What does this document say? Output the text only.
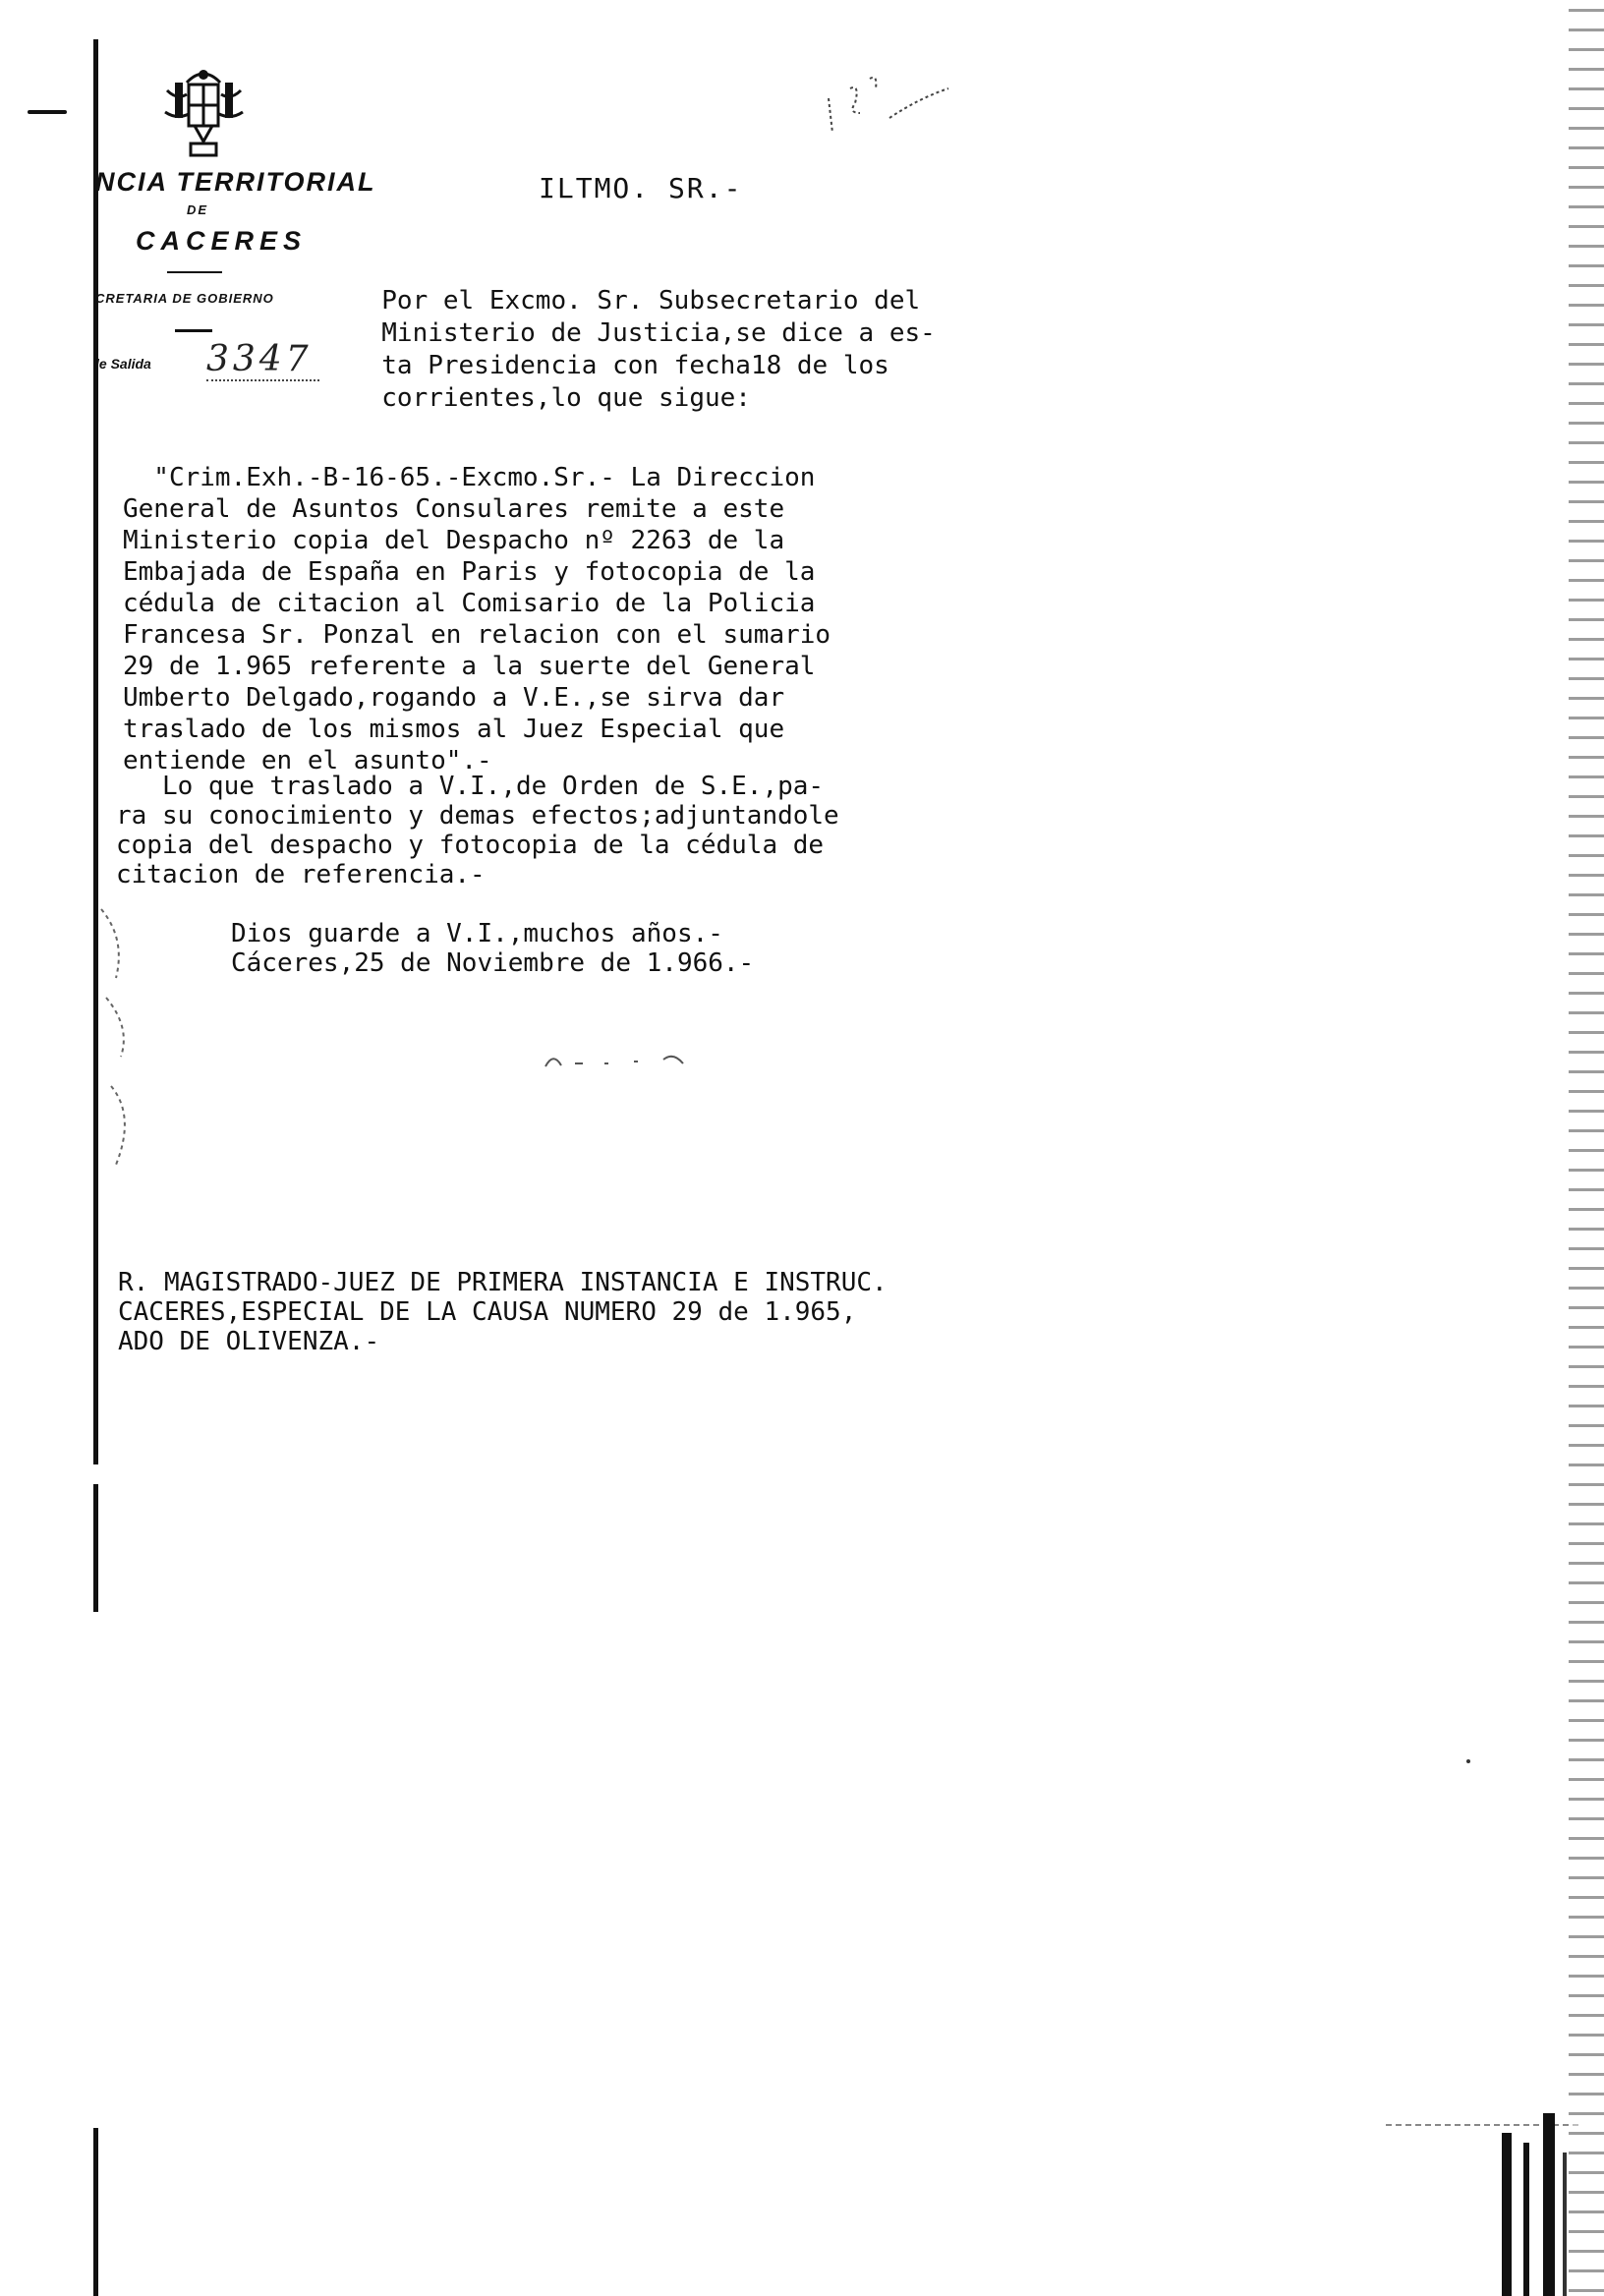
NCIA TERRITORIAL
DE
CACERES
CRETARIA DE GOBIERNO
le Salida 3347
ILTMO. SR.-
Por el Excmo. Sr. Subsecretario del
Ministerio de Justicia,se dice a es-
ta Presidencia con fecha18 de los
corrientes,lo que sigue:
"Crim.Exh.-B-16-65.-Excmo.Sr.- La Direccion
General de Asuntos Consulares remite a este
Ministerio copia del Despacho nº 2263 de la
Embajada de España en Paris y fotocopia de la
cédula de citacion al Comisario de la Policia
Francesa Sr. Ponzal en relacion con el sumario
29 de 1.965 referente a la suerte del General
Umberto Delgado,rogando a V.E.,se sirva dar
traslado de los mismos al Juez Especial que
entiende en el asunto".-
Lo que traslado a V.I.,de Orden de S.E.,pa-
ra su conocimiento y demas efectos;adjuntandole
copia del despacho y fotocopia de la cédula de
citacion de referencia.-
Dios guarde a V.I.,muchos años.-
Cáceres,25 de Noviembre de 1.966.-
R. MAGISTRADO-JUEZ DE PRIMERA INSTANCIA E INSTRUC.
CACERES,ESPECIAL DE LA CAUSA NUMERO 29 de 1.965,
ADO DE OLIVENZA.-
